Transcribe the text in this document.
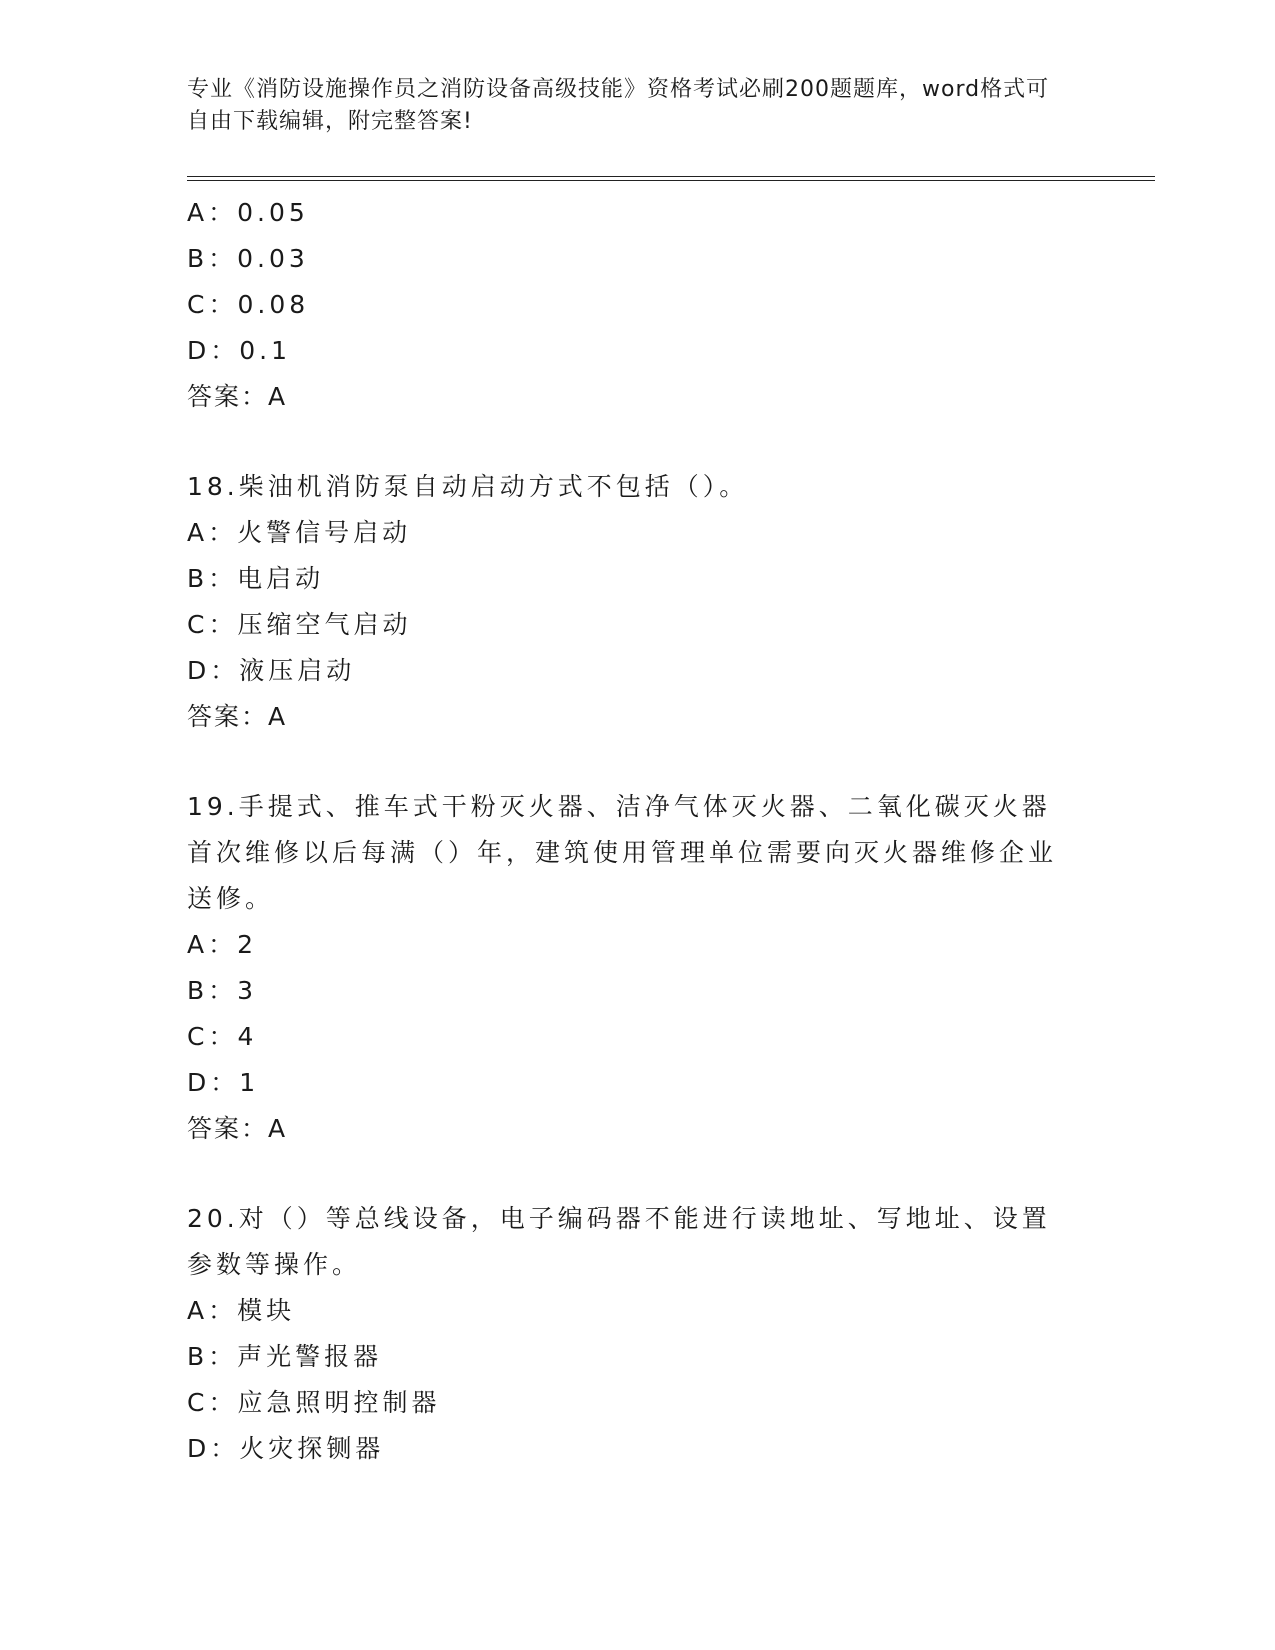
专业《消防设施操作员之消防设备高级技能》资格考试必刷200题题库，word格式可自由下载编辑，附完整答案!

A：0.05

B：0.03

C：0.08

D：0.1

答案：A

18.柴油机消防泵自动启动方式不包括（）。

A：火警信号启动

B：电启动

C：压缩空气启动

D：液压启动

答案：A

19.手提式、推车式干粉灭火器、洁净气体灭火器、二氧化碳灭火器首次维修以后每满（）年，建筑使用管理单位需要向灭火器维修企业送修。

A：2

B：3

C：4

D：1

答案：A

20.对（）等总线设备，电子编码器不能进行读地址、写地址、设置参数等操作。

A：模块

B：声光警报器

C：应急照明控制器

D：火灾探铡器
